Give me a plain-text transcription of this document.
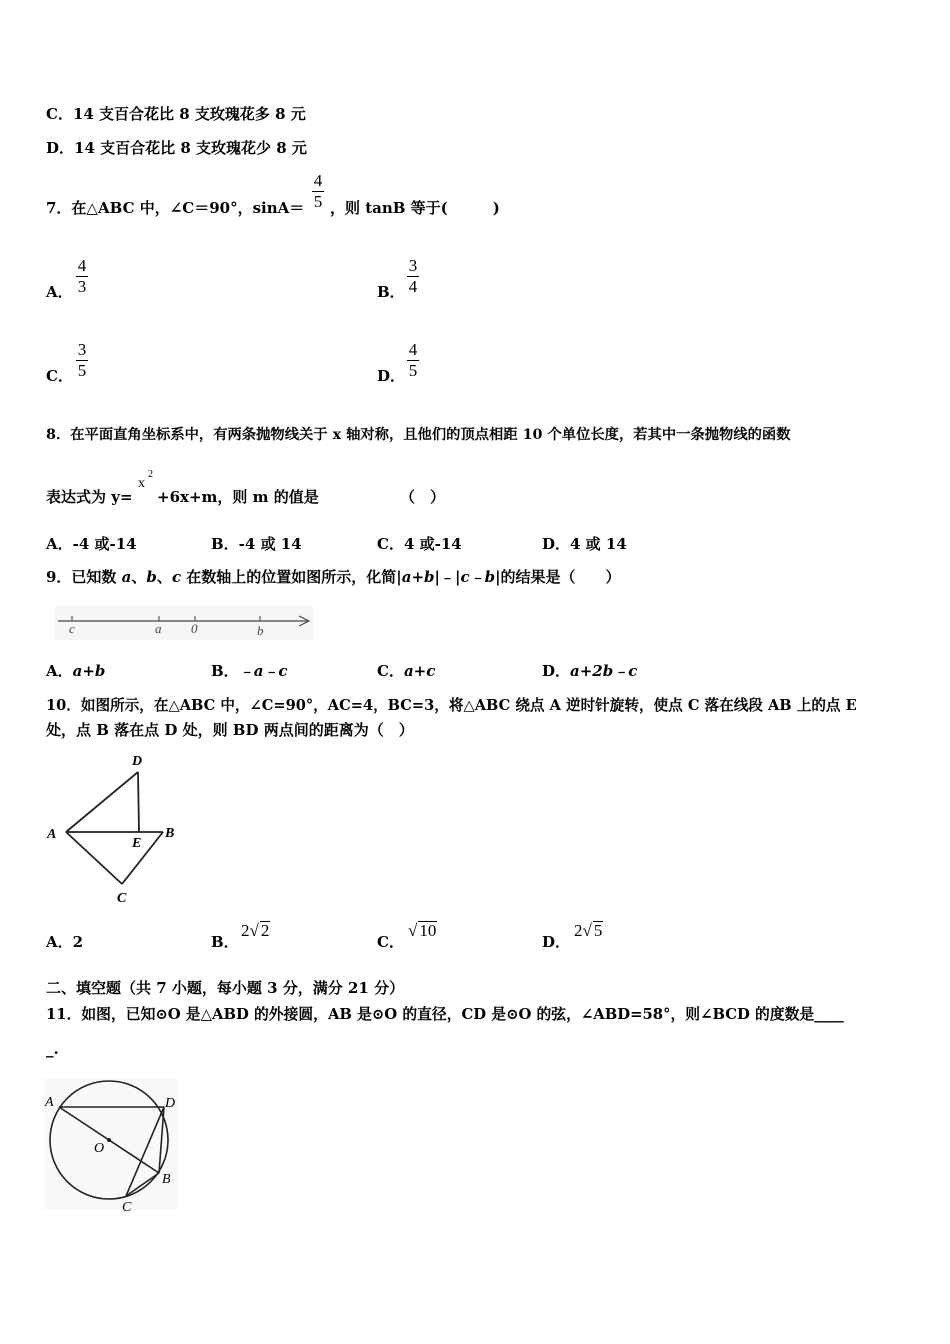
C．14 支百合花比 8 支玫瑰花多 8 元
D．14 支百合花比 8 支玫瑰花少 8 元
7．在△ABC 中，∠C＝90°，sinA＝
4
5 ，则 tanB 等于(　　　)
A．
4
3	B．
3
4
C．
3
5	D．
4
5
8．在平面直角坐标系中，有两条抛物线关于 x 轴对称，且他们的顶点相距 10 个单位长度，若其中一条抛物线的函数
表达式为 y=
x
2
+6x+m，则 m 的值是	（　）
A．-4 或-14	B．-4 或 14	C．4 或-14	D．4 或 14
9．已知数 a、b、c 在数轴上的位置如图所示，化简|a+b|﹣|c﹣b|的结果是（　　）
c	a 0	b
A．a+b	B．﹣a﹣c	C．a+c	D．a+2b﹣c
10．如图所示，在△ABC 中，∠C=90°，AC=4，BC=3，将△ABC 绕点 A 逆时针旋转，使点 C 落在线段 AB 上的点 E
处，点 B 落在点 D 处，则 BD 两点间的距离为（　）
D
A
E
B
C
A．2	B．
2√ 2
C．
√ 10
D．
2√ 5
二、填空题（共 7 小题，每小题 3 分，满分 21 分）
11．如图，已知⊙O 是△ABD 的外接圆，AB 是⊙O 的直径，CD 是⊙O 的弦，∠ABD=58°，则∠BCD 的度数是____
_.
A	D
O
B
C
